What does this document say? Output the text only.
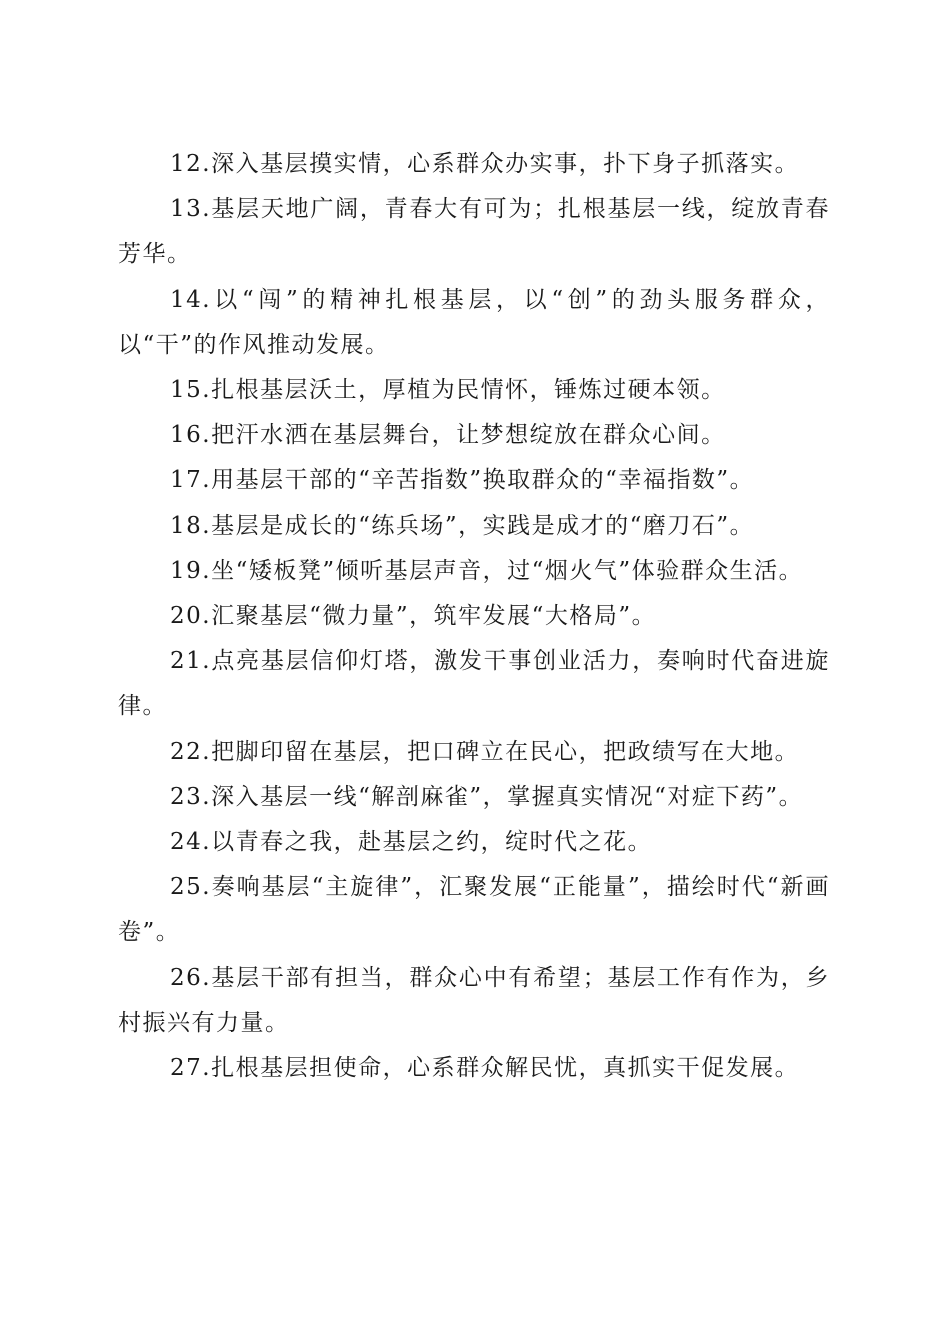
12.深入基层摸实情，心系群众办实事，扑下身子抓落实。

13.基层天地广阔，青春大有可为；扎根基层一线，绽放青春芳华。

14.以“闯”的精神扎根基层，以“创”的劲头服务群众，以“干”的作风推动发展。

15.扎根基层沃土，厚植为民情怀，锤炼过硬本领。

16.把汗水洒在基层舞台，让梦想绽放在群众心间。

17.用基层干部的“辛苦指数”换取群众的“幸福指数”。

18.基层是成长的“练兵场”，实践是成才的“磨刀石”。

19.坐“矮板凳”倾听基层声音，过“烟火气”体验群众生活。

20.汇聚基层“微力量”，筑牢发展“大格局”。

21.点亮基层信仰灯塔，激发干事创业活力，奏响时代奋进旋律。

22.把脚印留在基层，把口碑立在民心，把政绩写在大地。

23.深入基层一线“解剖麻雀”，掌握真实情况“对症下药”。

24.以青春之我，赴基层之约，绽时代之花。

25.奏响基层“主旋律”，汇聚发展“正能量”，描绘时代“新画卷”。

26.基层干部有担当，群众心中有希望；基层工作有作为，乡村振兴有力量。

27.扎根基层担使命，心系群众解民忧，真抓实干促发展。
